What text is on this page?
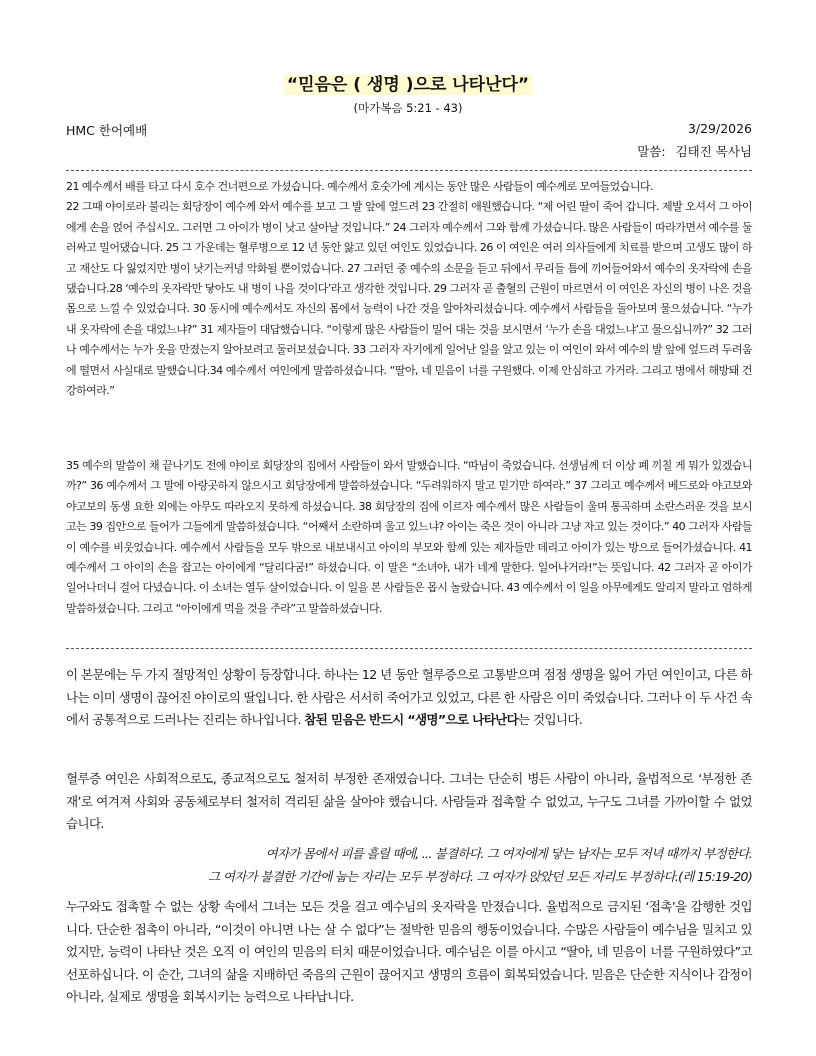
“믿음은 ( 생명 )으로 나타난다”
(마가복음 5:21 - 43)
HMC 한어예배	3/29/2026
말씀: 김태진 목사님

21 예수께서 배를 타고 다시 호수 건너편으로 가셨습니다. 예수께서 호숫가에 계시는 동안 많은 사람들이 예수께로 모여들었습니다.

22 그때 야이로라 불리는 회당장이 예수께 와서 예수를 보고 그 발 앞에 엎드려 23 간절히 애원했습니다. “제 어린 딸이 죽어 갑니다. 제발 오셔서 그 아이에게 손을 얹어 주십시오. 그러면 그 아이가 병이 낫고 살아날 것입니다.” 24 그러자 예수께서 그와 함께 가셨습니다. 많은 사람들이 따라가면서 예수를 둘러싸고 밀어댔습니다. 25 그 가운데는 혈루병으로 12 년 동안 앓고 있던 여인도 있었습니다. 26 이 여인은 여러 의사들에게 치료를 받으며 고생도 많이 하고 재산도 다 잃었지만 병이 낫기는커녕 악화될 뿐이었습니다. 27 그러던 중 예수의 소문을 듣고 뒤에서 무리들 틈에 끼어들어와서 예수의 옷자락에 손을 댔습니다.28 ‘예수의 옷자락만 닿아도 내 병이 나을 것이다’라고 생각한 것입니다. 29 그러자 곧 출혈의 근원이 마르면서 이 여인은 자신의 병이 나은 것을 몸으로 느낄 수 있었습니다. 30 동시에 예수께서도 자신의 몸에서 능력이 나간 것을 알아차리셨습니다. 예수께서 사람들을 돌아보며 물으셨습니다. “누가 내 옷자락에 손을 대었느냐?” 31 제자들이 대답했습니다. “이렇게 많은 사람들이 밀어 대는 것을 보시면서 ‘누가 손을 대었느냐’고 물으십니까?” 32 그러나 예수께서는 누가 옷을 만졌는지 알아보려고 둘러보셨습니다. 33 그러자 자기에게 일어난 일을 알고 있는 이 여인이 와서 예수의 발 앞에 엎드려 두려움에 떨면서 사실대로 말했습니다.34 예수께서 여인에게 말씀하셨습니다. “딸아, 네 믿음이 너를 구원했다. 이제 안심하고 가거라. 그리고 병에서 해방돼 건강하여라.”

35 예수의 말씀이 채 끝나기도 전에 야이로 회당장의 집에서 사람들이 와서 말했습니다. “따님이 죽었습니다. 선생님께 더 이상 폐 끼칠 게 뭐가 있겠습니까?” 36 예수께서 그 말에 아랑곳하지 않으시고 회당장에게 말씀하셨습니다. “두려워하지 말고 믿기만 하여라.” 37 그리고 예수께서 베드로와 야고보와 야고보의 동생 요한 외에는 아무도 따라오지 못하게 하셨습니다. 38 회당장의 집에 이르자 예수께서 많은 사람들이 울며 통곡하며 소란스러운 것을 보시고는 39 집안으로 들어가 그들에게 말씀하셨습니다. “어째서 소란하며 울고 있느냐? 아이는 죽은 것이 아니라 그냥 자고 있는 것이다.” 40 그러자 사람들이 예수를 비웃었습니다. 예수께서 사람들을 모두 밖으로 내보내시고 아이의 부모와 함께 있는 제자들만 데리고 아이가 있는 방으로 들어가셨습니다. 41 예수께서 그 아이의 손을 잡고는 아이에게 “달리다굼!” 하셨습니다. 이 말은 “소녀야, 내가 네게 말한다. 일어나거라!”는 뜻입니다. 42 그러자 곧 아이가 일어나더니 걸어 다녔습니다. 이 소녀는 열두 살이었습니다. 이 일을 본 사람들은 몹시 놀랐습니다. 43 예수께서 이 일을 아무에게도 알리지 말라고 엄하게 말씀하셨습니다. 그리고 “아이에게 먹을 것을 주라”고 말씀하셨습니다.

이 본문에는 두 가지 절망적인 상황이 등장합니다. 하나는 12 년 동안 혈루증으로 고통받으며 점점 생명을 잃어 가던 여인이고, 다른 하나는 이미 생명이 끊어진 야이로의 딸입니다. 한 사람은 서서히 죽어가고 있었고, 다른 한 사람은 이미 죽었습니다. 그러나 이 두 사건 속에서 공통적으로 드러나는 진리는 하나입니다. 참된 믿음은 반드시 “생명”으로 나타난다는 것입니다.

혈루증 여인은 사회적으로도, 종교적으로도 철저히 부정한 존재였습니다. 그녀는 단순히 병든 사람이 아니라, 율법적으로 ‘부정한 존재’로 여겨져 사회와 공동체로부터 철저히 격리된 삶을 살아야 했습니다. 사람들과 접촉할 수 없었고, 누구도 그녀를 가까이할 수 없었습니다.

여자가 몸에서 피를 흘릴 때에, ... 불결하다. 그 여자에게 닿는 남자는 모두 저녁 때까지 부정한다.
그 여자가 불결한 기간에 눕는 자리는 모두 부정하다. 그 여자가 앉았던 모든 자리도 부정하다.(레 15:19-20)

누구와도 접촉할 수 없는 상황 속에서 그녀는 모든 것을 걸고 예수님의 옷자락을 만졌습니다. 율법적으로 금지된 ‘접촉’을 감행한 것입니다. 단순한 접촉이 아니라, “이것이 아니면 나는 살 수 없다”는 절박한 믿음의 행동이었습니다. 수많은 사람들이 예수님을 밀치고 있었지만, 능력이 나타난 것은 오직 이 여인의 믿음의 터치 때문이었습니다. 예수님은 이를 아시고 “딸아, 네 믿음이 너를 구원하였다”고 선포하십니다. 이 순간, 그녀의 삶을 지배하던 죽음의 근원이 끊어지고 생명의 흐름이 회복되었습니다. 믿음은 단순한 지식이나 감정이 아니라, 실제로 생명을 회복시키는 능력으로 나타납니다.
